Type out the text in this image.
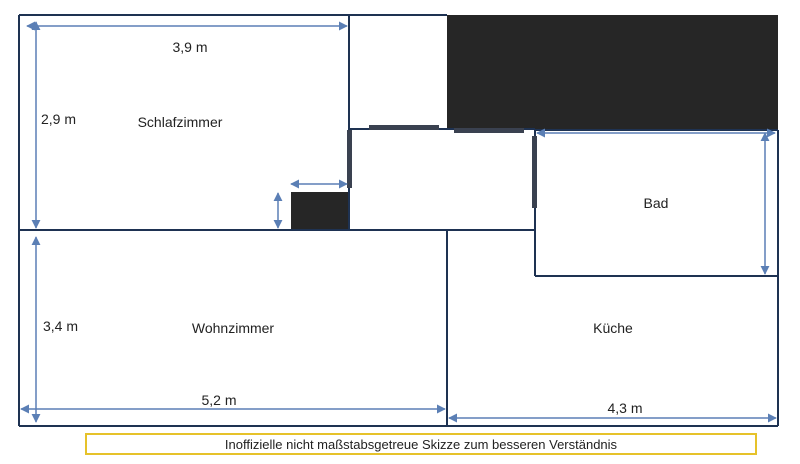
Schlafzimmer
Wohnzimmer
Bad
Küche
3,9 m
2,9 m
3,4 m
5,2 m	4,3 m
Inoffizielle nicht maßstabsgetreue Skizze zum besseren Verständnis
